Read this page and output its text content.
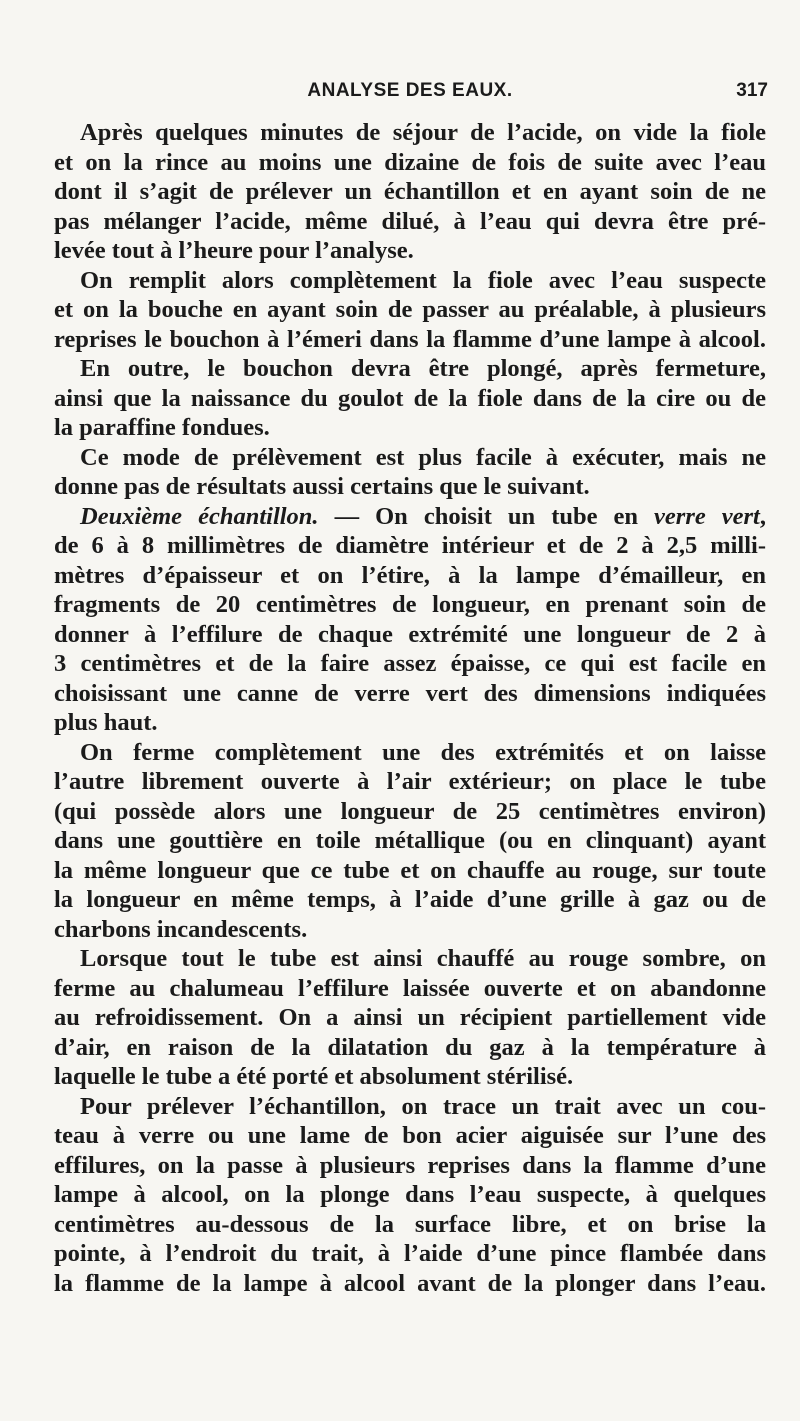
ANALYSE DES EAUX.	317
Après quelques minutes de séjour de l’acide, on vide la fiole
et on la rince au moins une dizaine de fois de suite avec l’eau
dont il s’agit de prélever un échantillon et en ayant soin de ne
pas mélanger l’acide, même dilué, à l’eau qui devra être pré-
levée tout à l’heure pour l’analyse.
On remplit alors complètement la fiole avec l’eau suspecte
et on la bouche en ayant soin de passer au préalable, à plusieurs
reprises le bouchon à l’émeri dans la flamme d’une lampe à alcool.
En outre, le bouchon devra être plongé, après fermeture,
ainsi que la naissance du goulot de la fiole dans de la cire ou de
la paraffine fondues.
Ce mode de prélèvement est plus facile à exécuter, mais ne
donne pas de résultats aussi certains que le suivant.
Deuxième échantillon. — On choisit un tube en verre vert,
de 6 à 8 millimètres de diamètre intérieur et de 2 à 2,5 milli-
mètres d’épaisseur et on l’étire, à la lampe d’émailleur, en
fragments de 20 centimètres de longueur, en prenant soin de
donner à l’effilure de chaque extrémité une longueur de 2 à
3 centimètres et de la faire assez épaisse, ce qui est facile en
choisissant une canne de verre vert des dimensions indiquées
plus haut.
On ferme complètement une des extrémités et on laisse
l’autre librement ouverte à l’air extérieur; on place le tube
(qui possède alors une longueur de 25 centimètres environ)
dans une gouttière en toile métallique (ou en clinquant) ayant
la même longueur que ce tube et on chauffe au rouge, sur toute
la longueur en même temps, à l’aide d’une grille à gaz ou de
charbons incandescents.
Lorsque tout le tube est ainsi chauffé au rouge sombre, on
ferme au chalumeau l’effilure laissée ouverte et on abandonne
au refroidissement. On a ainsi un récipient partiellement vide
d’air, en raison de la dilatation du gaz à la température à
laquelle le tube a été porté et absolument stérilisé.
Pour prélever l’échantillon, on trace un trait avec un cou-
teau à verre ou une lame de bon acier aiguisée sur l’une des
effilures, on la passe à plusieurs reprises dans la flamme d’une
lampe à alcool, on la plonge dans l’eau suspecte, à quelques
centimètres au-dessous de la surface libre, et on brise la
pointe, à l’endroit du trait, à l’aide d’une pince flambée dans
la flamme de la lampe à alcool avant de la plonger dans l’eau.
